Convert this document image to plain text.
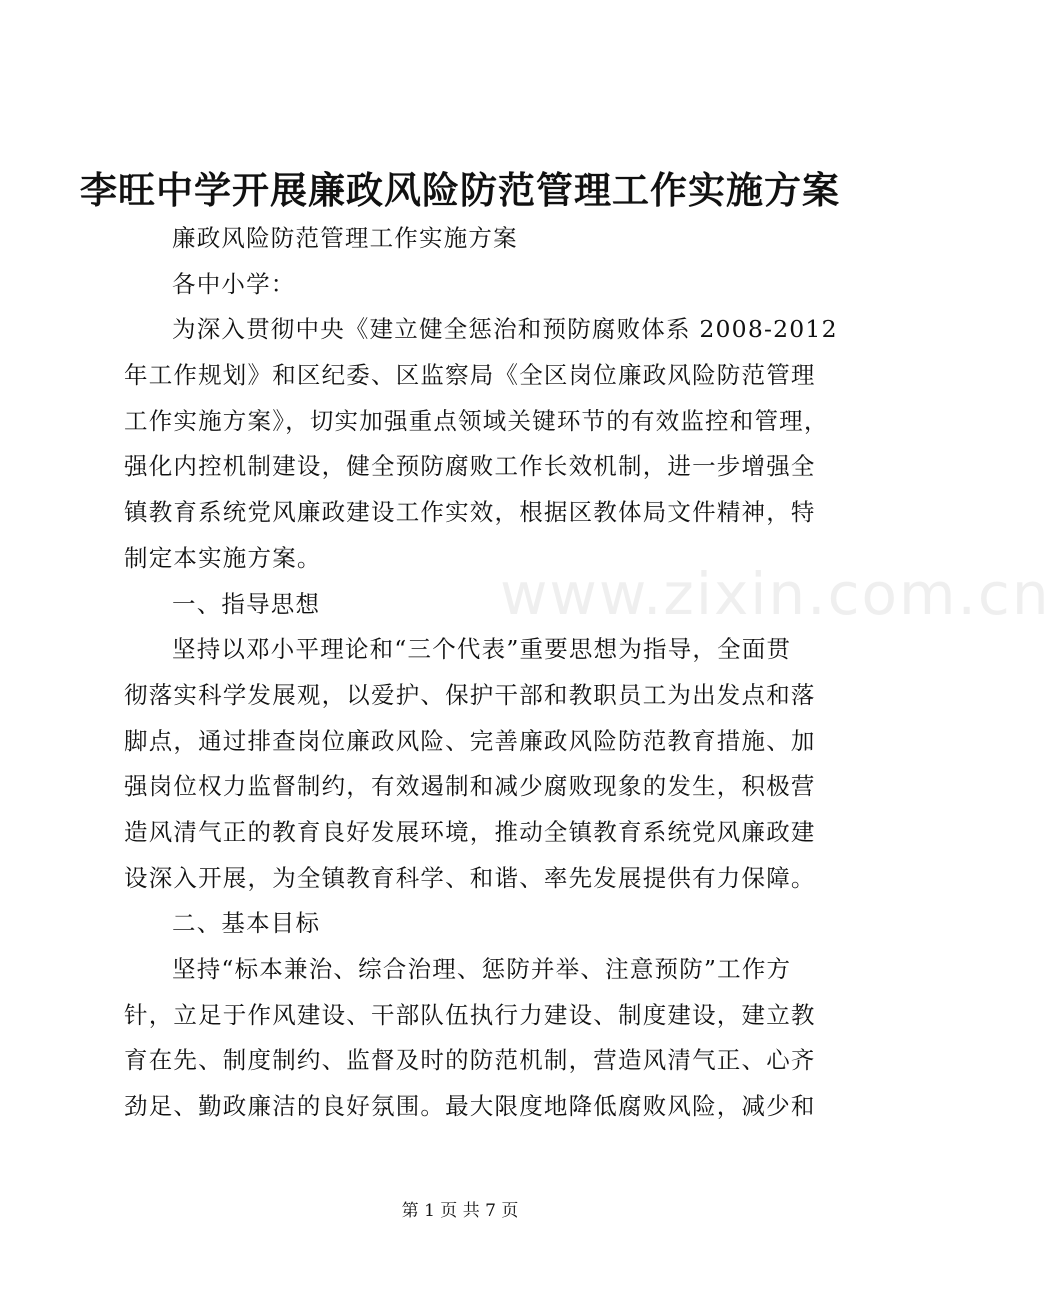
李旺中学开展廉政风险防范管理工作实施方案
廉政风险防范管理工作实施方案
各中小学：
为深入贯彻中央《建立健全惩治和预防腐败体系 2008-2012
年工作规划》和区纪委、区监察局《全区岗位廉政风险防范管理
工作实施方案》，切实加强重点领域关键环节的有效监控和管理，
强化内控机制建设，健全预防腐败工作长效机制，进一步增强全
镇教育系统党风廉政建设工作实效，根据区教体局文件精神，特
制定本实施方案。
一、指导思想
坚持以邓小平理论和“三个代表”重要思想为指导，全面贯
彻落实科学发展观，以爱护、保护干部和教职员工为出发点和落
脚点，通过排查岗位廉政风险、完善廉政风险防范教育措施、加
强岗位权力监督制约，有效遏制和减少腐败现象的发生，积极营
造风清气正的教育良好发展环境，推动全镇教育系统党风廉政建
设深入开展，为全镇教育科学、和谐、率先发展提供有力保障。
二、基本目标
坚持“标本兼治、综合治理、惩防并举、注意预防”工作方
针，立足于作风建设、干部队伍执行力建设、制度建设，建立教
育在先、制度制约、监督及时的防范机制，营造风清气正、心齐
劲足、勤政廉洁的良好氛围。最大限度地降低腐败风险，减少和
www.zixin.com.cn
第 1 页 共 7 页
